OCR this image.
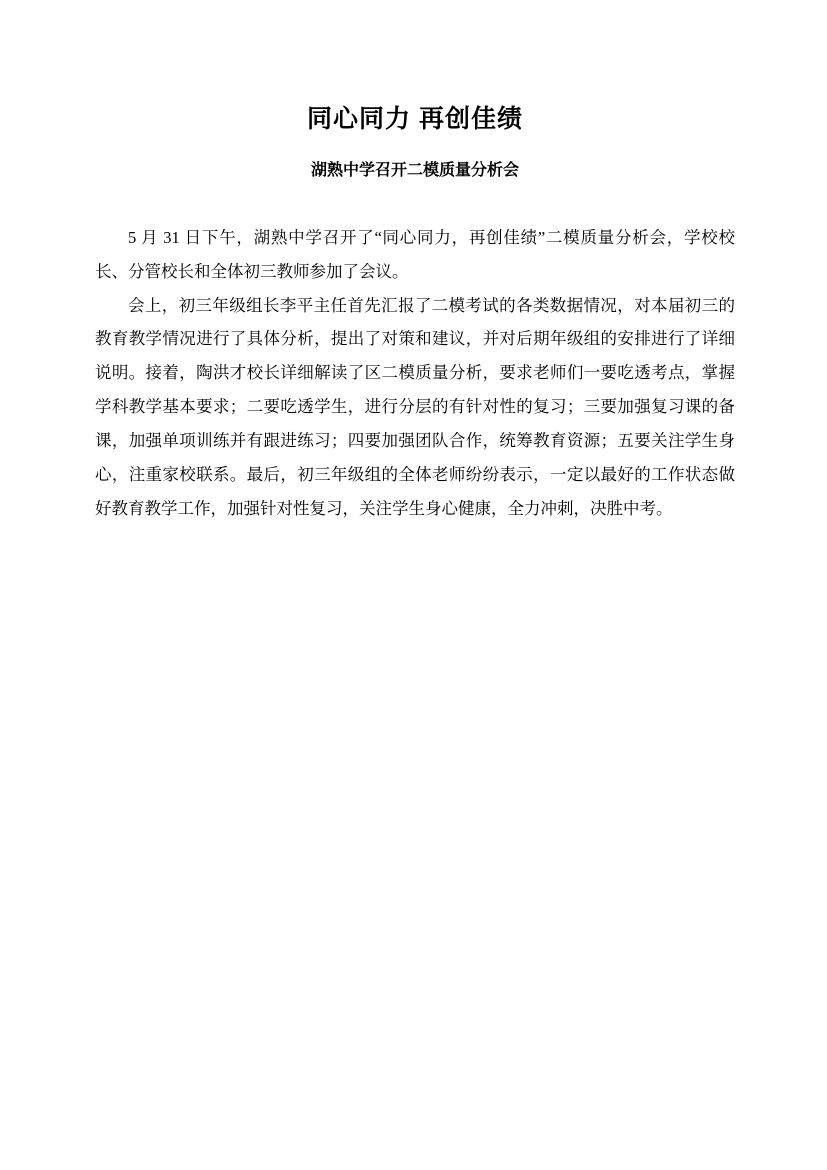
同心同力 再创佳绩
湖熟中学召开二模质量分析会

5 月 31 日下午，湖熟中学召开了“同心同力，再创佳绩”二模质量分析会，学校校长、分管校长和全体初三教师参加了会议。

会上，初三年级组长李平主任首先汇报了二模考试的各类数据情况，对本届初三的教育教学情况进行了具体分析，提出了对策和建议，并对后期年级组的安排进行了详细说明。接着，陶洪才校长详细解读了区二模质量分析，要求老师们一要吃透考点，掌握学科教学基本要求；二要吃透学生，进行分层的有针对性的复习；三要加强复习课的备课，加强单项训练并有跟进练习；四要加强团队合作，统筹教育资源；五要关注学生身心，注重家校联系。最后，初三年级组的全体老师纷纷表示，一定以最好的工作状态做好教育教学工作，加强针对性复习，关注学生身心健康，全力冲刺，决胜中考。
